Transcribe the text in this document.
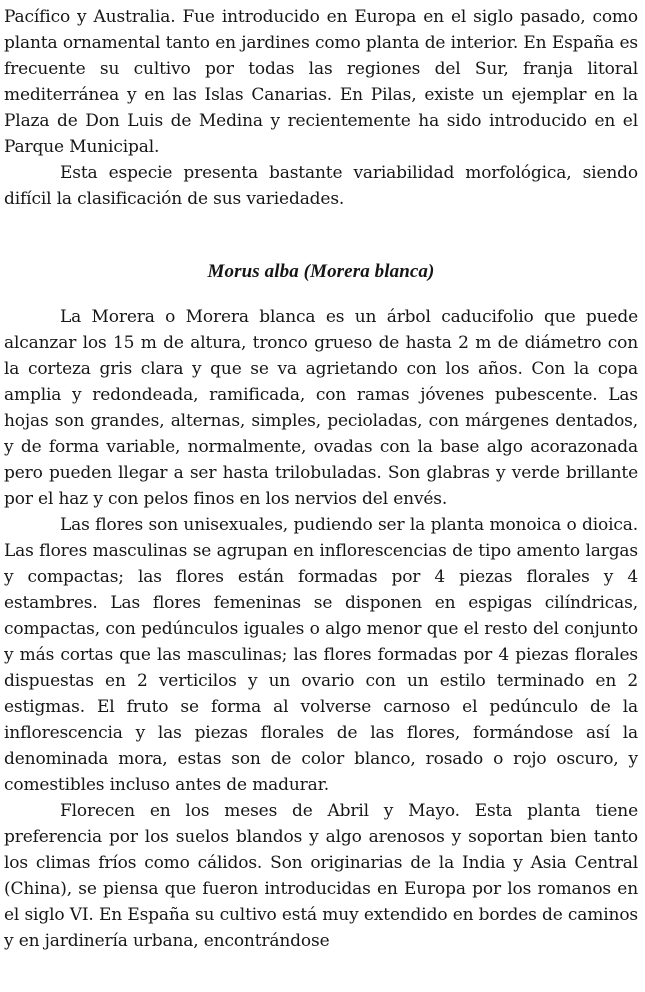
Pacífico y Australia. Fue introducido en Europa en el siglo pasado, como planta ornamental tanto en jardines como planta de interior. En España es frecuente su cultivo por todas las regiones del Sur, franja litoral mediterránea y en las Islas Canarias. En Pilas, existe un ejemplar en la Plaza de Don Luis de Medina y recientemente ha sido introducido en el Parque Municipal.

Esta especie presenta bastante variabilidad morfológica, siendo difícil la clasificación de sus variedades.

Morus alba (Morera blanca)

La Morera o Morera blanca es un árbol caducifolio que puede alcanzar los 15 m de altura, tronco grueso de hasta 2 m de diámetro con la corteza gris clara y que se va agrietando con los años. Con la copa amplia y redondeada, ramificada, con ramas jóvenes pubescente. Las hojas son grandes, alternas, simples, pecioladas, con márgenes dentados, y de forma variable, normalmente, ovadas con la base algo acorazonada pero pueden llegar a ser hasta trilobuladas. Son glabras y verde brillante por el haz y con pelos finos en los nervios del envés.

Las flores son unisexuales, pudiendo ser la planta monoica o dioica. Las flores masculinas se agrupan en inflorescencias de tipo amento largas y compactas; las flores están formadas por 4 piezas florales y 4 estambres. Las flores femeninas se disponen en espigas cilíndricas, compactas, con pedúnculos iguales o algo menor que el resto del conjunto y más cortas que las masculinas; las flores formadas por 4 piezas florales dispuestas en 2 verticilos y un ovario con un estilo terminado en 2 estigmas. El fruto se forma al volverse carnoso el pedúnculo de la inflorescencia y las piezas florales de las flores, formándose así la denominada mora, estas son de color blanco, rosado o rojo oscuro, y comestibles incluso antes de madurar.

Florecen en los meses de Abril y Mayo. Esta planta tiene preferencia por los suelos blandos y algo arenosos y soportan bien tanto los climas fríos como cálidos. Son originarias de la India y Asia Central (China), se piensa que fueron introducidas en Europa por los romanos en el siglo VI. En España su cultivo está muy extendido en bordes de caminos y en jardinería urbana, encontrándose
